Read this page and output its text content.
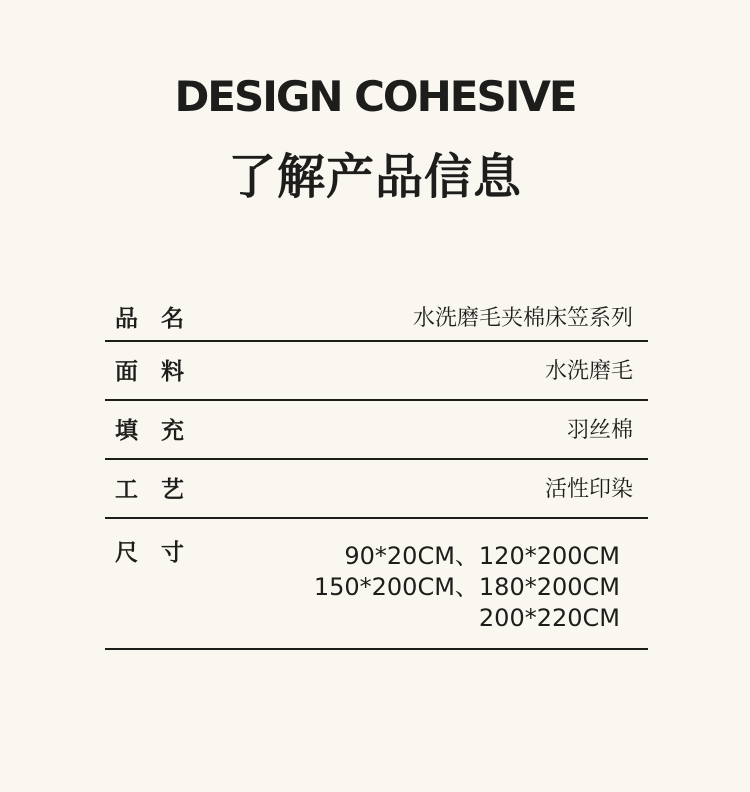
DESIGN COHESIVE
了解产品信息
品　名	水洗磨毛夹棉床笠系列
面　料	水洗磨毛
填　充	羽丝棉
工　艺	活性印染
尺　寸	90*20CM、120*200CM
150*200CM、180*200CM
200*220CM
